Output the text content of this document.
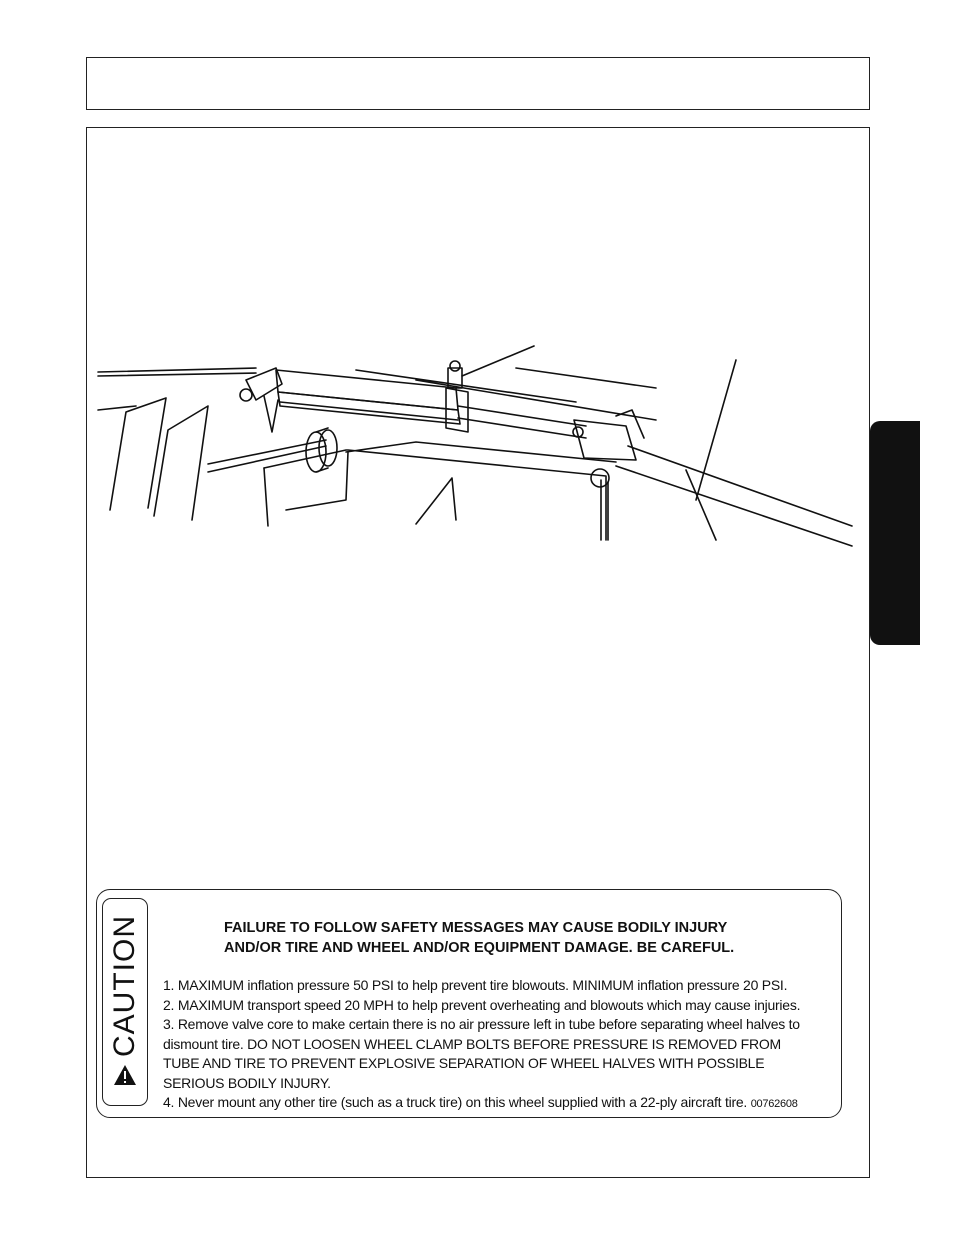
CAUTION	FAILURE TO FOLLOW SAFETY MESSAGES MAY CAUSE BODILY INJURY
AND/OR TIRE AND WHEEL AND/OR EQUIPMENT DAMAGE. BE CAREFUL.
1. MAXIMUM inflation pressure 50 PSI to help prevent tire blowouts. MINIMUM inflation pressure 20 PSI.
2. MAXIMUM transport speed 20 MPH to help prevent overheating and blowouts which may cause injuries.
3. Remove valve core to make certain there is no air pressure left in tube before separating wheel halves to
dismount tire. DO NOT LOOSEN WHEEL CLAMP BOLTS BEFORE PRESSURE IS REMOVED FROM
TUBE AND TIRE TO PREVENT EXPLOSIVE SEPARATION OF WHEEL HALVES WITH POSSIBLE
SERIOUS BODILY INJURY.
4. Never mount any other tire (such as a truck tire) on this wheel supplied with a 22-ply aircraft tire. 00762608
